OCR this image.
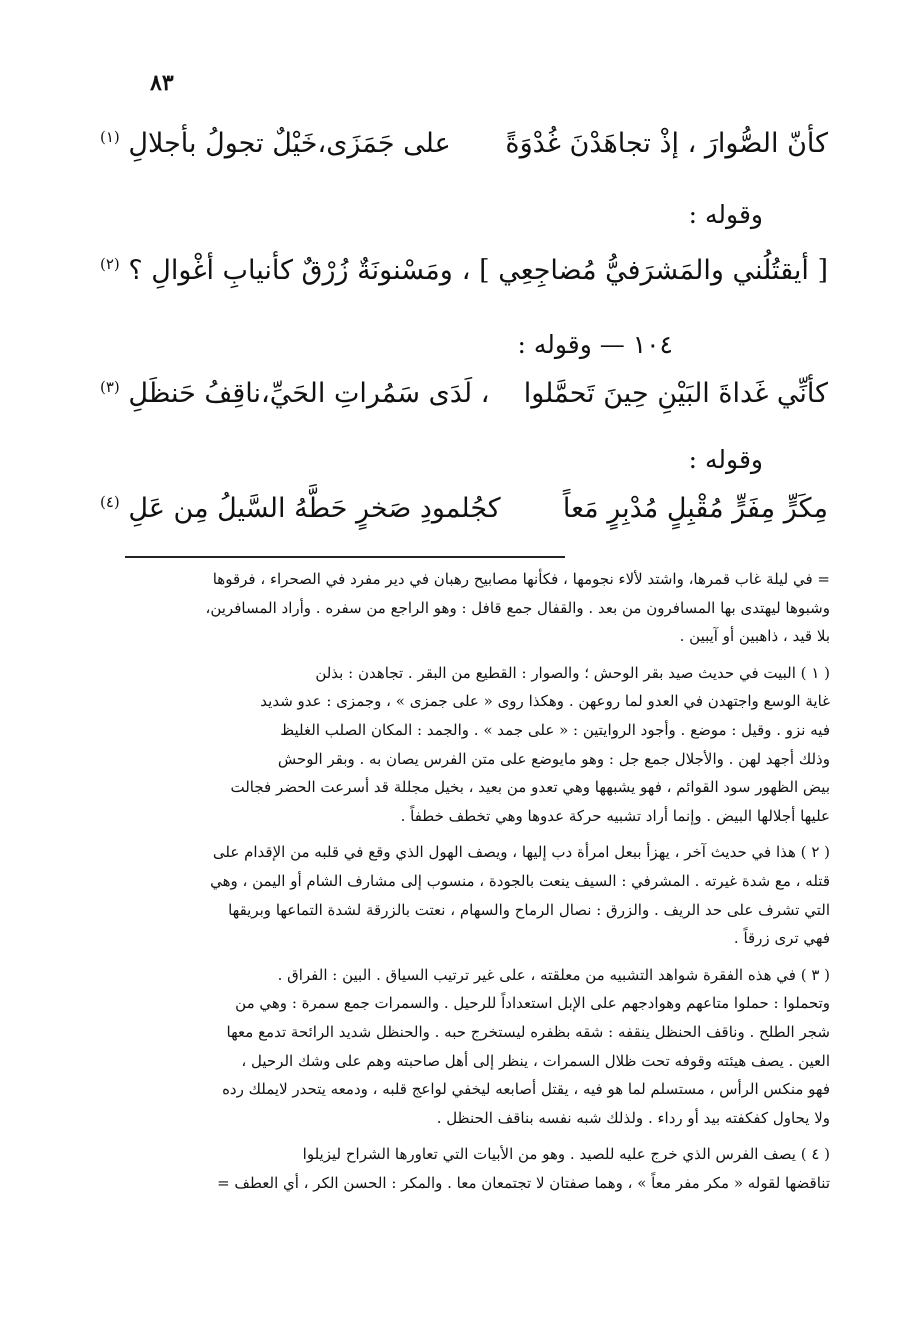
٨٣
كأنّ الصُّوارَ ، إذْ تجاهَدْنَ غُدْوَةً
على جَمَزَى،خَيْلٌ تجولُ بأجلالِ $^{(١)}$
وقوله :
[ أيقتُلُني والمَشرَفيُّ مُضاجِعِي ] ،
ومَسْنونَةٌ زُرْقٌ كأنيابِ أغْوالِ ؟ $^{(٢)}$
١٠٤ — وقوله :
كأنِّي غَداةَ البَيْنِ حِينَ تَحمَّلوا
، لَدَى سَمُراتِ الحَيِّ،ناقِفُ حَنظَلِ $^{(٣)}$
وقوله :
مِكَرٍّ مِفَرٍّ مُقْبِلٍ مُدْبِرٍ مَعاً
كجُلمودِ صَخرٍ حَطَّهُ السَّيلُ مِن عَلِ $^{(٤)}$

= في ليلة غاب قمرها، واشتد لألاء نجومها ، فكأنها مصابيح رهبان في دير مفرد في الصحراء ، فرقوها

وشبوها ليهتدى بها المسافرون من بعد . والقفال جمع قافل : وهو الراجع من سفره . وأراد المسافرين،

بلا قيد ، ذاهبين أو آيبين .

( ١ ) البيت في حديث صيد بقر الوحش ؛ والصوار : القطيع من البقر . تجاهدن : بذلن

غاية الوسع واجتهدن في العدو لما روعهن . وهكذا روى « على جمزى » ، وجمزى : عدو شديد

فيه نزو . وقيل : موضع . وأجود الروايتين : « على جمد » . والجمد : المكان الصلب الغليظ

وذلك أجهد لهن . والأجلال جمع جل : وهو مايوضع على متن الفرس يصان به . وبقر الوحش

بيض الظهور سود القوائم ، فهو يشبهها وهي تعدو من بعيد ، بخيل مجللة قد أسرعت الحضر فجالت

عليها أجلالها البيض . وإنما أراد تشبيه حركة عدوها وهي تخطف خطفاً .

( ٢ ) هذا في حديث آخر ، يهزأ ببعل امرأة دب إليها ، ويصف الهول الذي وقع في قلبه من الإقدام على

قتله ، مع شدة غيرته . المشرفي : السيف ينعت بالجودة ، منسوب إلى مشارف الشام أو اليمن ، وهي

التي تشرف على حد الريف . والزرق : نصال الرماح والسهام ، نعتت بالزرقة لشدة التماعها وبريقها

فهي ترى زرقاً .

( ٣ ) في هذه الفقرة شواهد التشبيه من معلقته ، على غير ترتيب السياق . البين : الفراق .

وتحملوا : حملوا متاعهم وهوادجهم على الإبل استعداداً للرحيل . والسمرات جمع سمرة : وهي من

شجر الطلح . وناقف الحنظل ينقفه : شقه بظفره ليستخرج حبه . والحنظل شديد الرائحة تدمع معها

العين . يصف هيئته وقوفه تحت ظلال السمرات ، ينظر إلى أهل صاحبته وهم على وشك الرحيل ،

فهو منكس الرأس ، مستسلم لما هو فيه ، يقتل أصابعه ليخفي لواعج قلبه ، ودمعه يتحدر لايملك رده

ولا يحاول كفكفته بيد أو رداء . ولذلك شبه نفسه بناقف الحنظل .

( ٤ ) يصف الفرس الذي خرج عليه للصيد . وهو من الأبيات التي تعاورها الشراح ليزيلوا

تناقضها لقوله « مكر مفر معاً » ، وهما صفتان لا تجتمعان معا . والمكر : الحسن الكر ، أي العطف =
